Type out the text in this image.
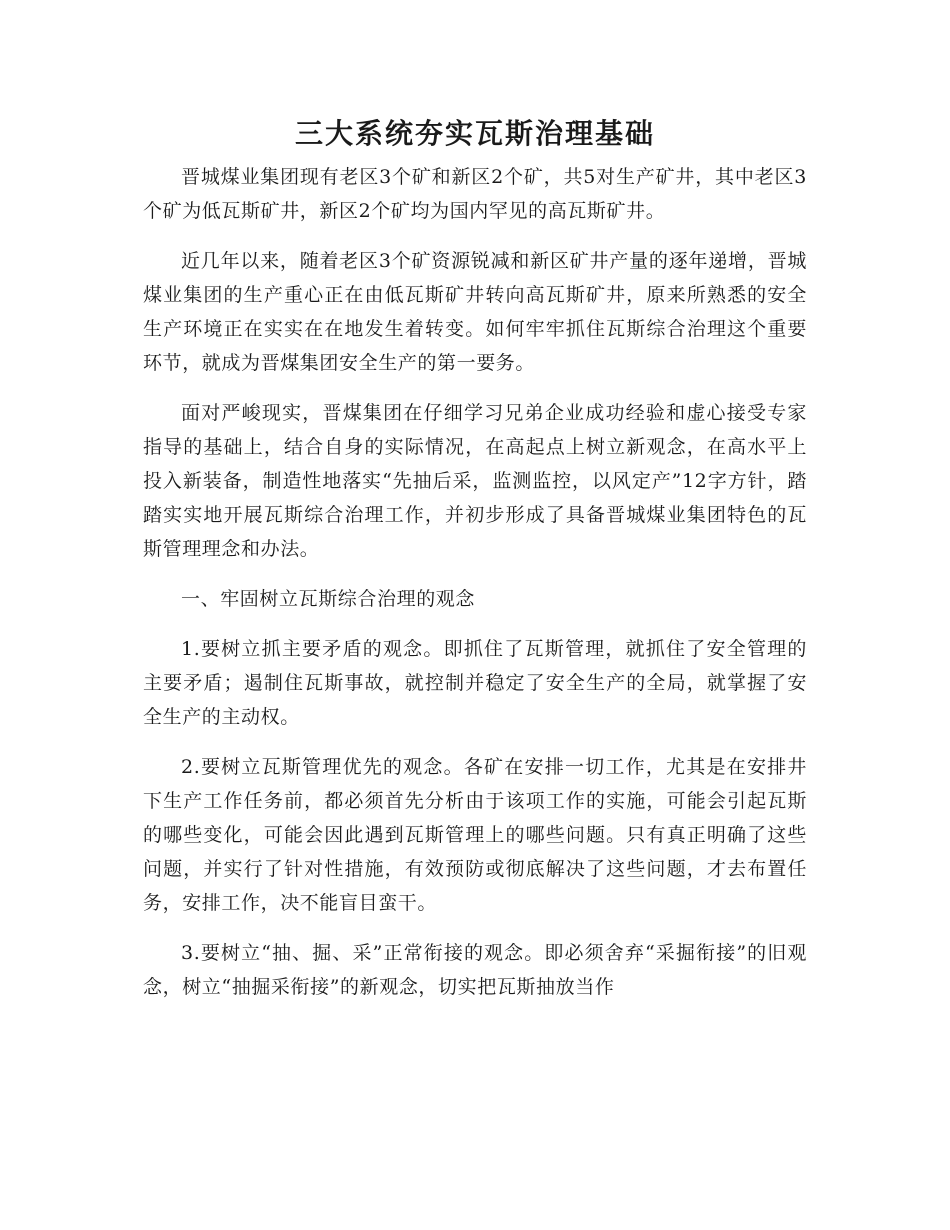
三大系统夯实瓦斯治理基础

晋城煤业集团现有老区3个矿和新区2个矿，共5对生产矿井，其中老区3个矿为低瓦斯矿井，新区2个矿均为国内罕见的高瓦斯矿井。

近几年以来，随着老区3个矿资源锐减和新区矿井产量的逐年递增，晋城煤业集团的生产重心正在由低瓦斯矿井转向高瓦斯矿井，原来所熟悉的安全生产环境正在实实在在地发生着转变。如何牢牢抓住瓦斯综合治理这个重要环节，就成为晋煤集团安全生产的第一要务。

面对严峻现实，晋煤集团在仔细学习兄弟企业成功经验和虚心接受专家指导的基础上，结合自身的实际情况，在高起点上树立新观念，在高水平上投入新装备，制造性地落实“先抽后采，监测监控，以风定产”12字方针，踏踏实实地开展瓦斯综合治理工作，并初步形成了具备晋城煤业集团特色的瓦斯管理理念和办法。

一、牢固树立瓦斯综合治理的观念

1.要树立抓主要矛盾的观念。即抓住了瓦斯管理，就抓住了安全管理的主要矛盾；遏制住瓦斯事故，就控制并稳定了安全生产的全局，就掌握了安全生产的主动权。

2.要树立瓦斯管理优先的观念。各矿在安排一切工作，尤其是在安排井下生产工作任务前，都必须首先分析由于该项工作的实施，可能会引起瓦斯的哪些变化，可能会因此遇到瓦斯管理上的哪些问题。只有真正明确了这些问题，并实行了针对性措施，有效预防或彻底解决了这些问题，才去布置任务，安排工作，决不能盲目蛮干。

3.要树立“抽、掘、采”正常衔接的观念。即必须舍弃“采掘衔接”的旧观念，树立“抽掘采衔接”的新观念，切实把瓦斯抽放当作
